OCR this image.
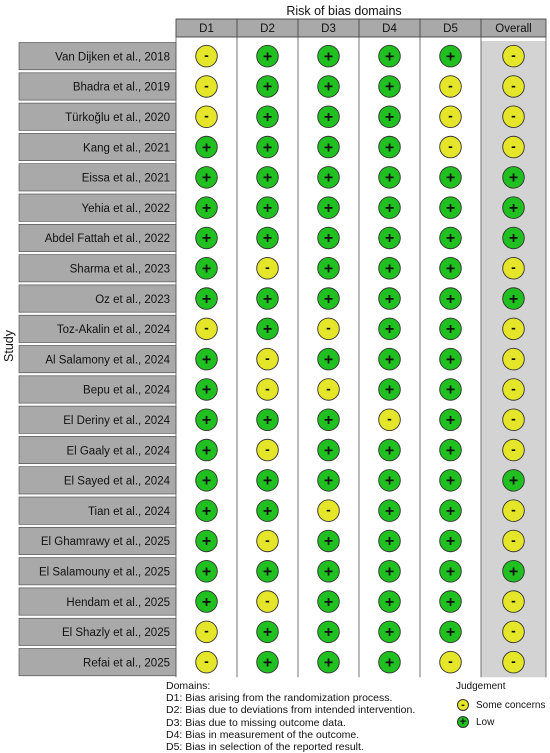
Risk of bias domains
Study
D1	D2	D3	D4	D5	Overall
Van Dijken et al., 2018 -	+	+	+	+	-
Bhadra et al., 2019 -	+	+	+	-	-
Türkoğlu et al., 2020 -	+	+	+	-	-
Kang et al., 2021 +	+	+	+	-	-
Eissa et al., 2021 +	+	+	+	+	+
Yehia et al., 2022 +	+	+	+	+	+
Abdel Fattah et al., 2022 +	+	+	+	+	+
Sharma et al., 2023 +	-	+	+	+	-
Oz et al., 2023 +	+	+	+	+	+
Toz-Akalin et al., 2024 -	+	-	+	+	-
Al Salamony et al., 2024 +	-	+	+	+	-
Bepu et al., 2024 +	-	-	+	+	-
El Deriny et al., 2024 +	+	+	-	+	-
El Gaaly et al., 2024 +	-	+	+	+	-
El Sayed et al., 2024 +	+	+	+	+	+
Tian et al., 2024 +	+	-	+	+	-
El Ghamrawy et al., 2025 +	-	+	+	+	-
El Salamouny et al., 2025 +	+	+	+	+	+
Hendam et al., 2025 +	-	+	+	+	-
El Shazly et al., 2025 -	+	+	+	+	-
Refai et al., 2025 -	+	+	+	-	-
Domains:
D1: Bias arising from the randomization process.
D2: Bias due to deviations from intended intervention.
D3: Bias due to missing outcome data.
D4: Bias in measurement of the outcome.
D5: Bias in selection of the reported result.
Judgement
-	Some concerns
+ Low
